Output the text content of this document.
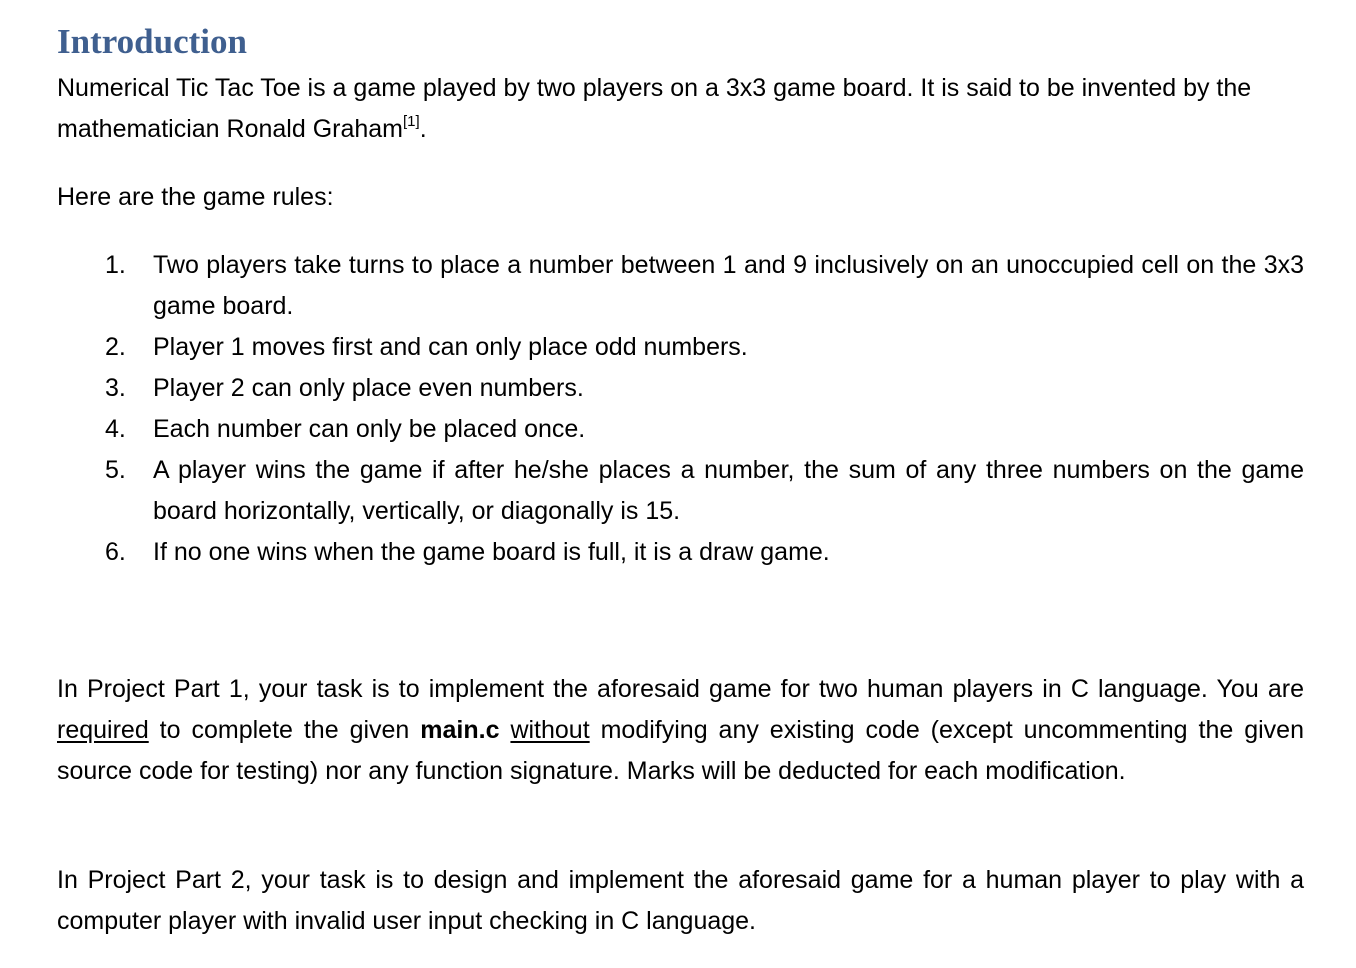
Introduction

Numerical Tic Tac Toe is a game played by two players on a 3x3 game board. It is said to be invented by the mathematician Ronald Graham[1].

Here are the game rules:

1. Two players take turns to place a number between 1 and 9 inclusively on an unoccupied cell on the 3x3 game board.
2. Player 1 moves first and can only place odd numbers.
3. Player 2 can only place even numbers.
4. Each number can only be placed once.
5. A player wins the game if after he/she places a number, the sum of any three numbers on the game board horizontally, vertically, or diagonally is 15.
6. If no one wins when the game board is full, it is a draw game.

In Project Part 1, your task is to implement the aforesaid game for two human players in C language. You are required to complete the given main.c without modifying any existing code (except uncommenting the given source code for testing) nor any function signature. Marks will be deducted for each modification.

In Project Part 2, your task is to design and implement the aforesaid game for a human player to play with a computer player with invalid user input checking in C language.
